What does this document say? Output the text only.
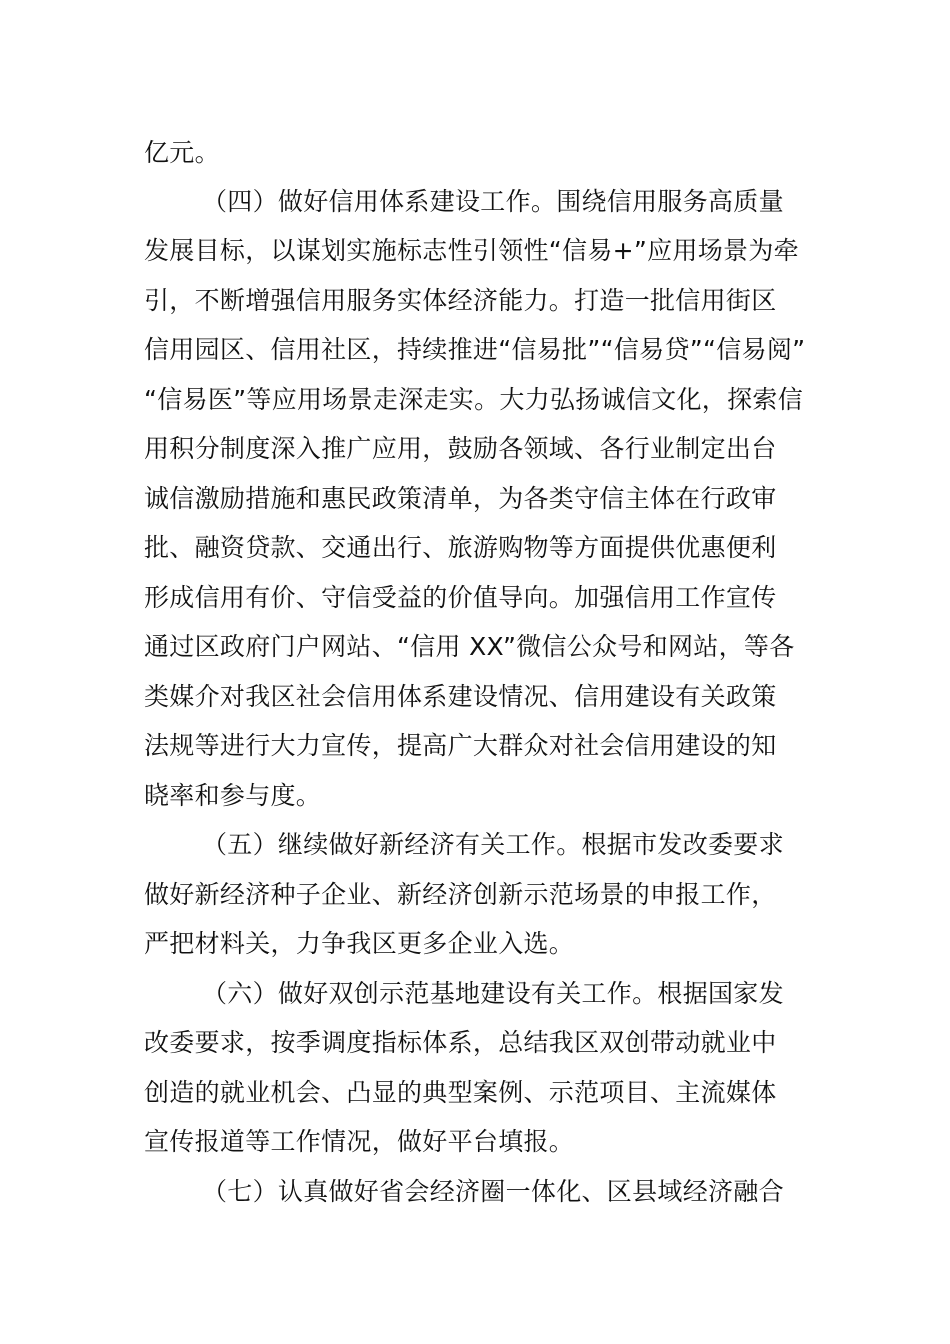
亿元。
（四）做好信用体系建设工作。围绕信用服务高质量
发展目标，以谋划实施标志性引领性“信易+”应用场景为牵
引，不断增强信用服务实体经济能力。打造一批信用街区
信用园区、信用社区，持续推进“信易批”“信易贷”“信易阅”
“信易医”等应用场景走深走实。大力弘扬诚信文化，探索信
用积分制度深入推广应用，鼓励各领域、各行业制定出台
诚信激励措施和惠民政策清单，为各类守信主体在行政审
批、融资贷款、交通出行、旅游购物等方面提供优惠便利
形成信用有价、守信受益的价值导向。加强信用工作宣传
通过区政府门户网站、“信用 XX”微信公众号和网站，等各
类媒介对我区社会信用体系建设情况、信用建设有关政策
法规等进行大力宣传，提高广大群众对社会信用建设的知
晓率和参与度。
（五）继续做好新经济有关工作。根据市发改委要求
做好新经济种子企业、新经济创新示范场景的申报工作，
严把材料关，力争我区更多企业入选。
（六）做好双创示范基地建设有关工作。根据国家发
改委要求，按季调度指标体系，总结我区双创带动就业中
创造的就业机会、凸显的典型案例、示范项目、主流媒体
宣传报道等工作情况，做好平台填报。
（七）认真做好省会经济圈一体化、区县域经济融合
